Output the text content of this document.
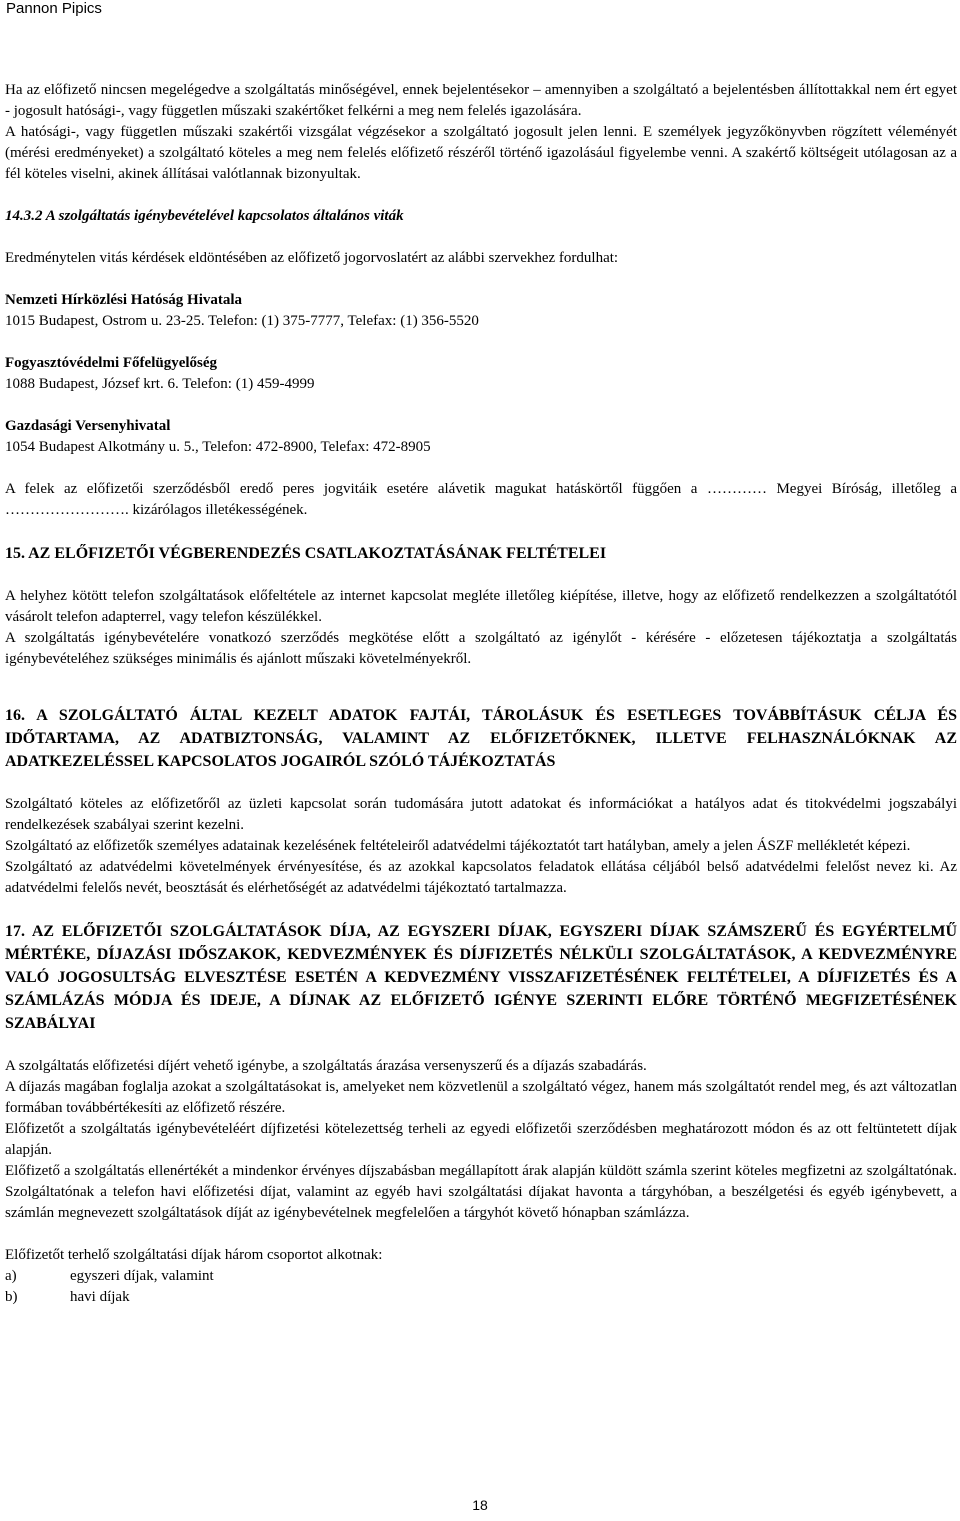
Pannon Pipics

Ha az előfizető nincsen megelégedve a szolgáltatás minőségével, ennek bejelentésekor – amennyiben a szolgáltató a bejelentésben állítottakkal nem ért egyet - jogosult hatósági-, vagy független műszaki szakértőket felkérni a meg nem felelés igazolására.

A hatósági-, vagy független műszaki szakértői vizsgálat végzésekor a szolgáltató jogosult jelen lenni. E személyek jegyzőkönyvben rögzített véleményét (mérési eredményeket) a szolgáltató köteles a meg nem felelés előfizető részéről történő igazolásául figyelembe venni. A szakértő költségeit utólagosan az a fél köteles viselni, akinek állításai valótlannak bizonyultak.

14.3.2 A szolgáltatás igénybevételével kapcsolatos általános viták

Eredménytelen vitás kérdések eldöntésében az előfizető jogorvoslatért az alábbi szervekhez fordulhat:

Nemzeti Hírközlési Hatóság Hivatala

1015 Budapest, Ostrom u. 23-25. Telefon: (1) 375-7777, Telefax: (1) 356-5520

Fogyasztóvédelmi Főfelügyelőség

1088 Budapest, József krt. 6. Telefon: (1) 459-4999

Gazdasági Versenyhivatal

1054 Budapest Alkotmány u. 5., Telefon: 472-8900, Telefax: 472-8905

A felek az előfizetői szerződésből eredő peres jogvitáik esetére alávetik magukat hatáskörtől függően a ………… Megyei Bíróság, illetőleg a ……………………. kizárólagos illetékességének.

15. AZ ELŐFIZETŐI VÉGBERENDEZÉS CSATLAKOZTATÁSÁNAK FELTÉTELEI

A helyhez kötött telefon szolgáltatások előfeltétele az internet kapcsolat megléte illetőleg kiépítése, illetve, hogy az előfizető rendelkezzen a szolgáltatótól vásárolt telefon adapterrel, vagy telefon készülékkel.

A szolgáltatás igénybevételére vonatkozó szerződés megkötése előtt a szolgáltató az igénylőt - kérésére - előzetesen tájékoztatja a szolgáltatás igénybevételéhez szükséges minimális és ajánlott műszaki követelményekről.

16. A SZOLGÁLTATÓ ÁLTAL KEZELT ADATOK FAJTÁI, TÁROLÁSUK ÉS ESETLEGES TOVÁBBÍTÁSUK CÉLJA ÉS IDŐTARTAMA, AZ ADATBIZTONSÁG, VALAMINT AZ ELŐFIZETŐKNEK, ILLETVE FELHASZNÁLÓKNAK AZ ADATKEZELÉSSEL KAPCSOLATOS JOGAIRÓL SZÓLÓ TÁJÉKOZTATÁS

Szolgáltató köteles az előfizetőről az üzleti kapcsolat során tudomására jutott adatokat és információkat a hatályos adat és titokvédelmi jogszabályi rendelkezések szabályai szerint kezelni.

Szolgáltató az előfizetők személyes adatainak kezelésének feltételeiről adatvédelmi tájékoztatót tart hatályban, amely a jelen ÁSZF mellékletét képezi.

Szolgáltató az adatvédelmi követelmények érvényesítése, és az azokkal kapcsolatos feladatok ellátása céljából belső adatvédelmi felelőst nevez ki. Az adatvédelmi felelős nevét, beosztását és elérhetőségét az adatvédelmi tájékoztató tartalmazza.

17. AZ ELŐFIZETŐI SZOLGÁLTATÁSOK DÍJA, AZ EGYSZERI DÍJAK, EGYSZERI DÍJAK SZÁMSZERŰ ÉS EGYÉRTELMŰ MÉRTÉKE, DÍJAZÁSI IDŐSZAKOK, KEDVEZMÉNYEK ÉS DÍJFIZETÉS NÉLKÜLI SZOLGÁLTATÁSOK, A KEDVEZMÉNYRE VALÓ JOGOSULTSÁG ELVESZTÉSE ESETÉN A KEDVEZMÉNY VISSZAFIZETÉSÉNEK FELTÉTELEI, A DÍJFIZETÉS ÉS A SZÁMLÁZÁS MÓDJA ÉS IDEJE, A DÍJNAK AZ ELŐFIZETŐ IGÉNYE SZERINTI ELŐRE TÖRTÉNŐ MEGFIZETÉSÉNEK SZABÁLYAI

A szolgáltatás előfizetési díjért vehető igénybe, a szolgáltatás árazása versenyszerű és a díjazás szabadárás.

A díjazás magában foglalja azokat a szolgáltatásokat is, amelyeket nem közvetlenül a szolgáltató végez, hanem más szolgáltatót rendel meg, és azt változatlan formában továbbértékesíti az előfizető részére.

Előfizetőt a szolgáltatás igénybevételéért díjfizetési kötelezettség terheli az egyedi előfizetői szerződésben meghatározott módon és az ott feltüntetett díjak alapján.

Előfizető a szolgáltatás ellenértékét a mindenkor érvényes díjszabásban megállapított árak alapján küldött számla szerint köteles megfizetni az szolgáltatónak. Szolgáltatónak a telefon havi előfizetési díjat, valamint az egyéb havi szolgáltatási díjakat havonta a tárgyhóban, a beszélgetési és egyéb igénybevett, a számlán megnevezett szolgáltatások díját az igénybevételnek megfelelően a tárgyhót követő hónapban számlázza.

Előfizetőt terhelő szolgáltatási díjak három csoportot alkotnak:

a)	egyszeri díjak, valamint
b)	havi díjak
18
